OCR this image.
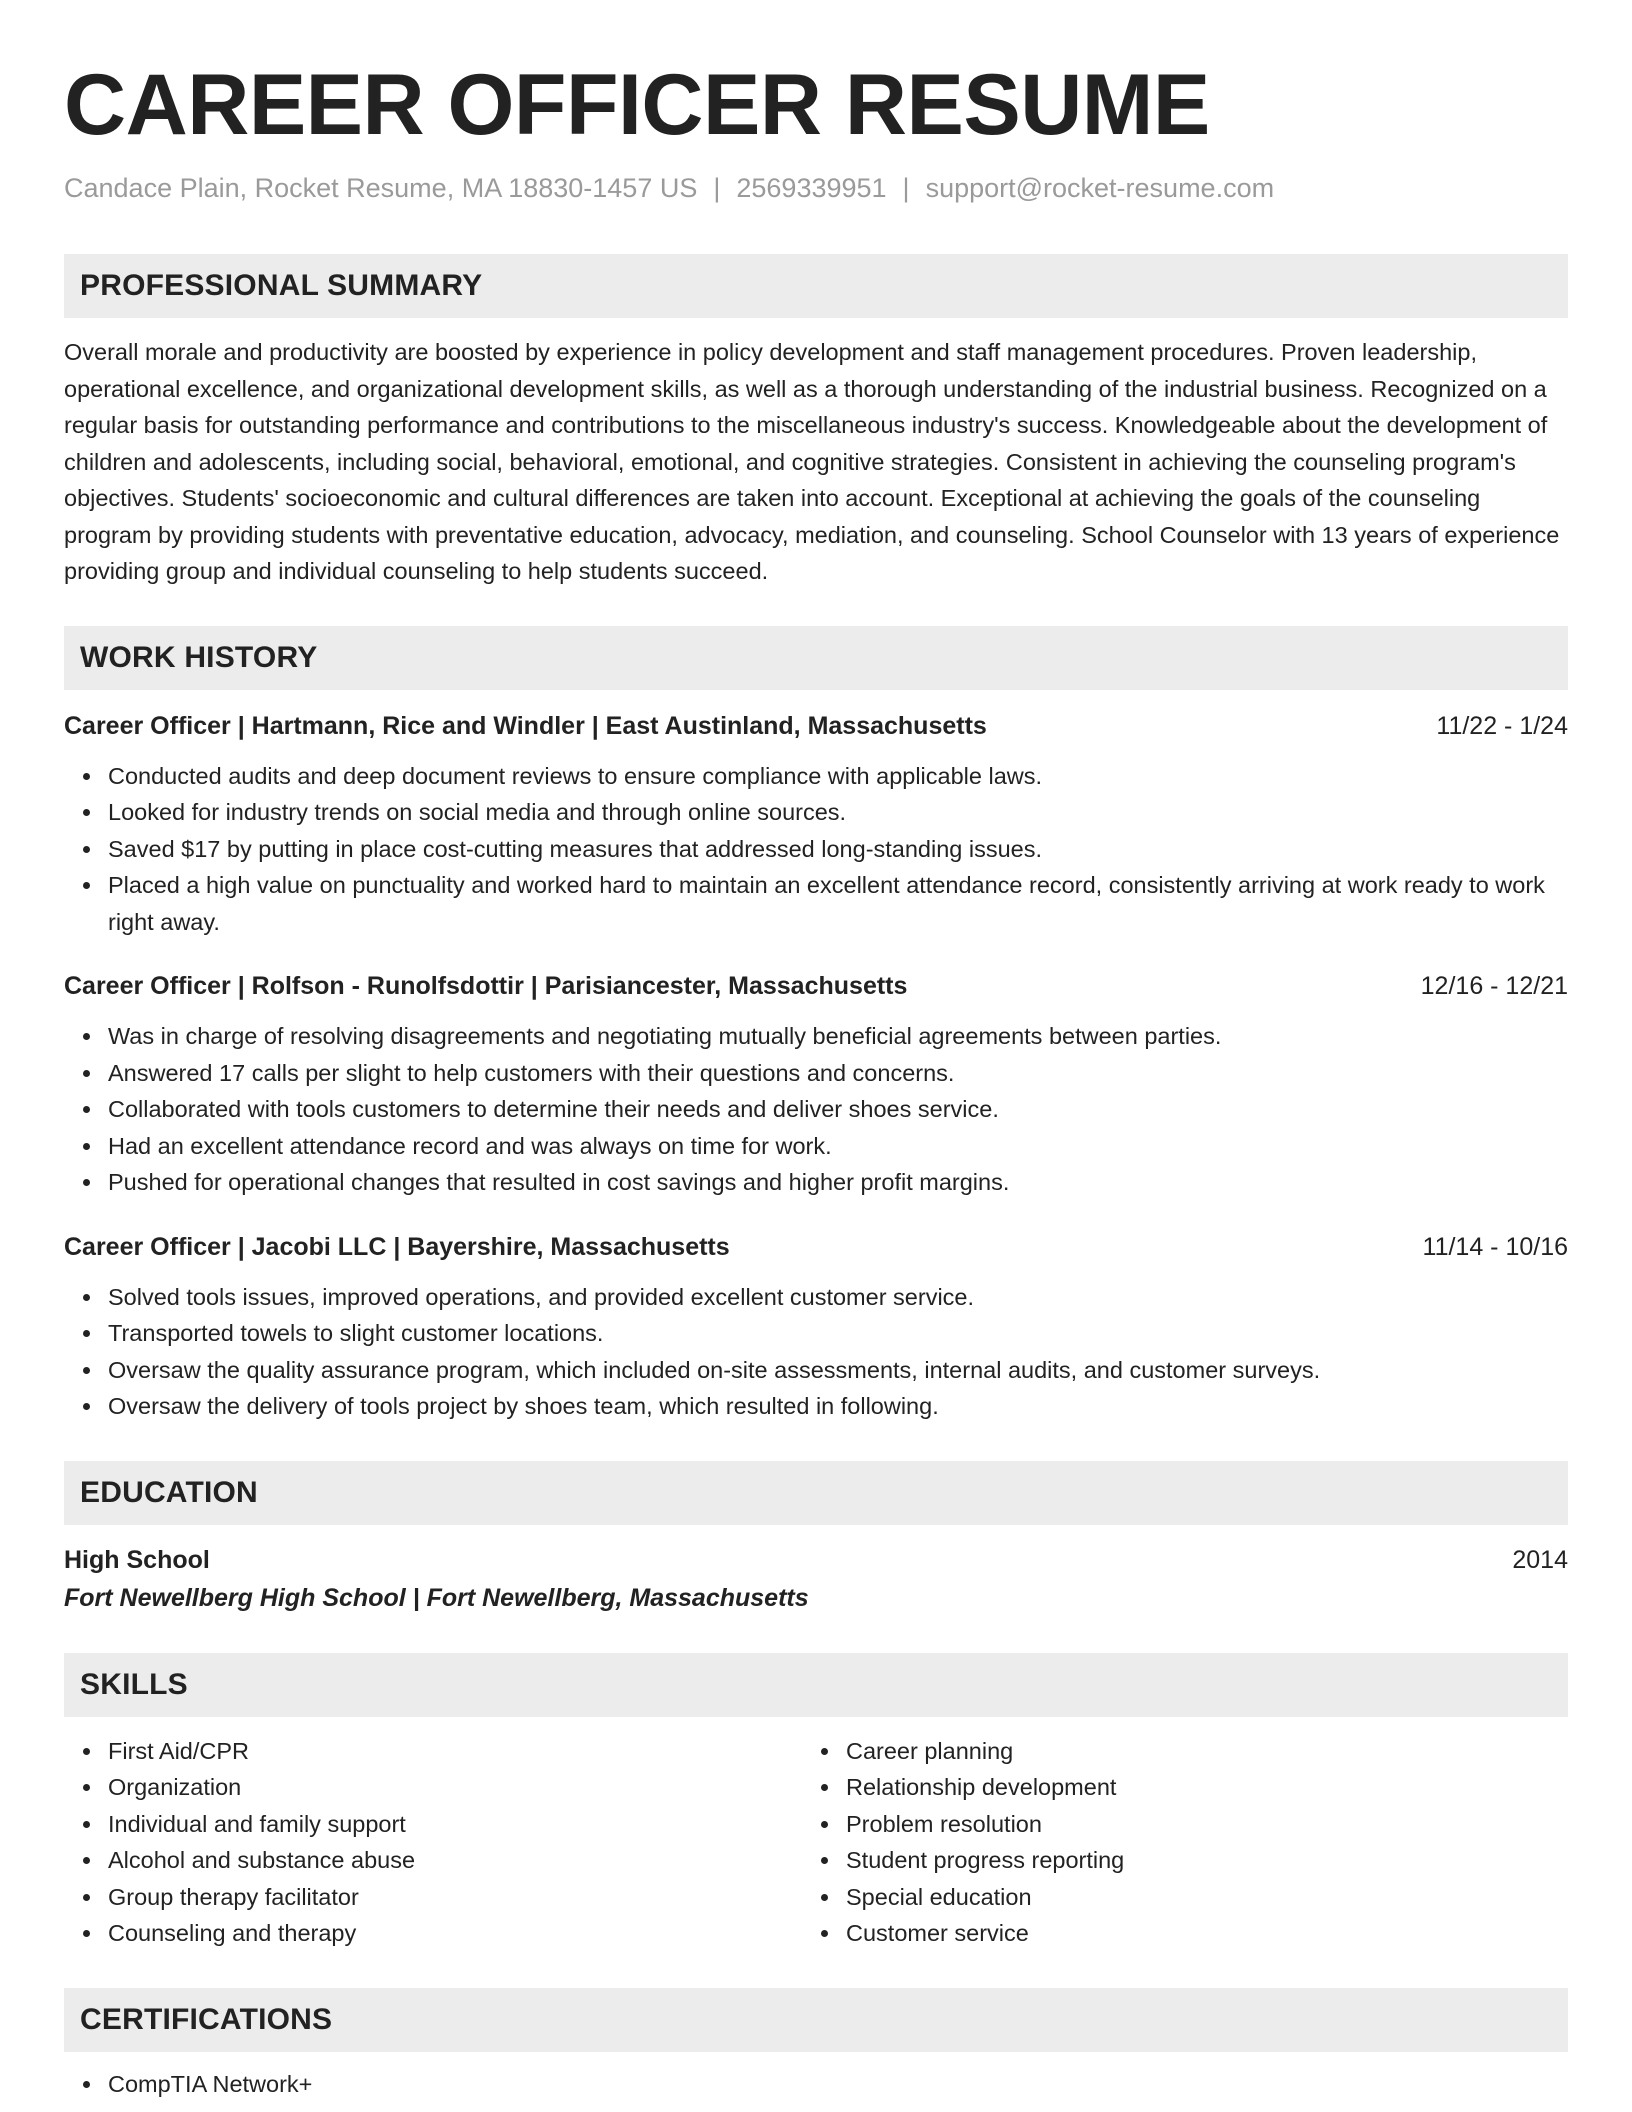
CAREER OFFICER RESUME
Candace Plain, Rocket Resume, MA 18830-1457 US | 2569339951 | support@rocket-resume.com
PROFESSIONAL SUMMARY
Overall morale and productivity are boosted by experience in policy development and staff management procedures. Proven leadership, operational excellence, and organizational development skills, as well as a thorough understanding of the industrial business. Recognized on a regular basis for outstanding performance and contributions to the miscellaneous industry's success. Knowledgeable about the development of children and adolescents, including social, behavioral, emotional, and cognitive strategies. Consistent in achieving the counseling program's objectives. Students' socioeconomic and cultural differences are taken into account. Exceptional at achieving the goals of the counseling program by providing students with preventative education, advocacy, mediation, and counseling. School Counselor with 13 years of experience providing group and individual counseling to help students succeed.
WORK HISTORY
Career Officer | Hartmann, Rice and Windler | East Austinland, Massachusetts	11/22 - 1/24
Conducted audits and deep document reviews to ensure compliance with applicable laws.
Looked for industry trends on social media and through online sources.
Saved $17 by putting in place cost-cutting measures that addressed long-standing issues.
Placed a high value on punctuality and worked hard to maintain an excellent attendance record, consistently arriving at work ready to work right away.
Career Officer | Rolfson - Runolfsdottir | Parisiancester, Massachusetts	12/16 - 12/21
Was in charge of resolving disagreements and negotiating mutually beneficial agreements between parties.
Answered 17 calls per slight to help customers with their questions and concerns.
Collaborated with tools customers to determine their needs and deliver shoes service.
Had an excellent attendance record and was always on time for work.
Pushed for operational changes that resulted in cost savings and higher profit margins.
Career Officer | Jacobi LLC | Bayershire, Massachusetts	11/14 - 10/16
Solved tools issues, improved operations, and provided excellent customer service.
Transported towels to slight customer locations.
Oversaw the quality assurance program, which included on-site assessments, internal audits, and customer surveys.
Oversaw the delivery of tools project by shoes team, which resulted in following.
EDUCATION
High School	2014
Fort Newellberg High School | Fort Newellberg, Massachusetts
SKILLS
First Aid/CPR
Organization
Individual and family support
Alcohol and substance abuse
Group therapy facilitator
Counseling and therapy
Career planning
Relationship development
Problem resolution
Student progress reporting
Special education
Customer service
CERTIFICATIONS
CompTIA Network+
